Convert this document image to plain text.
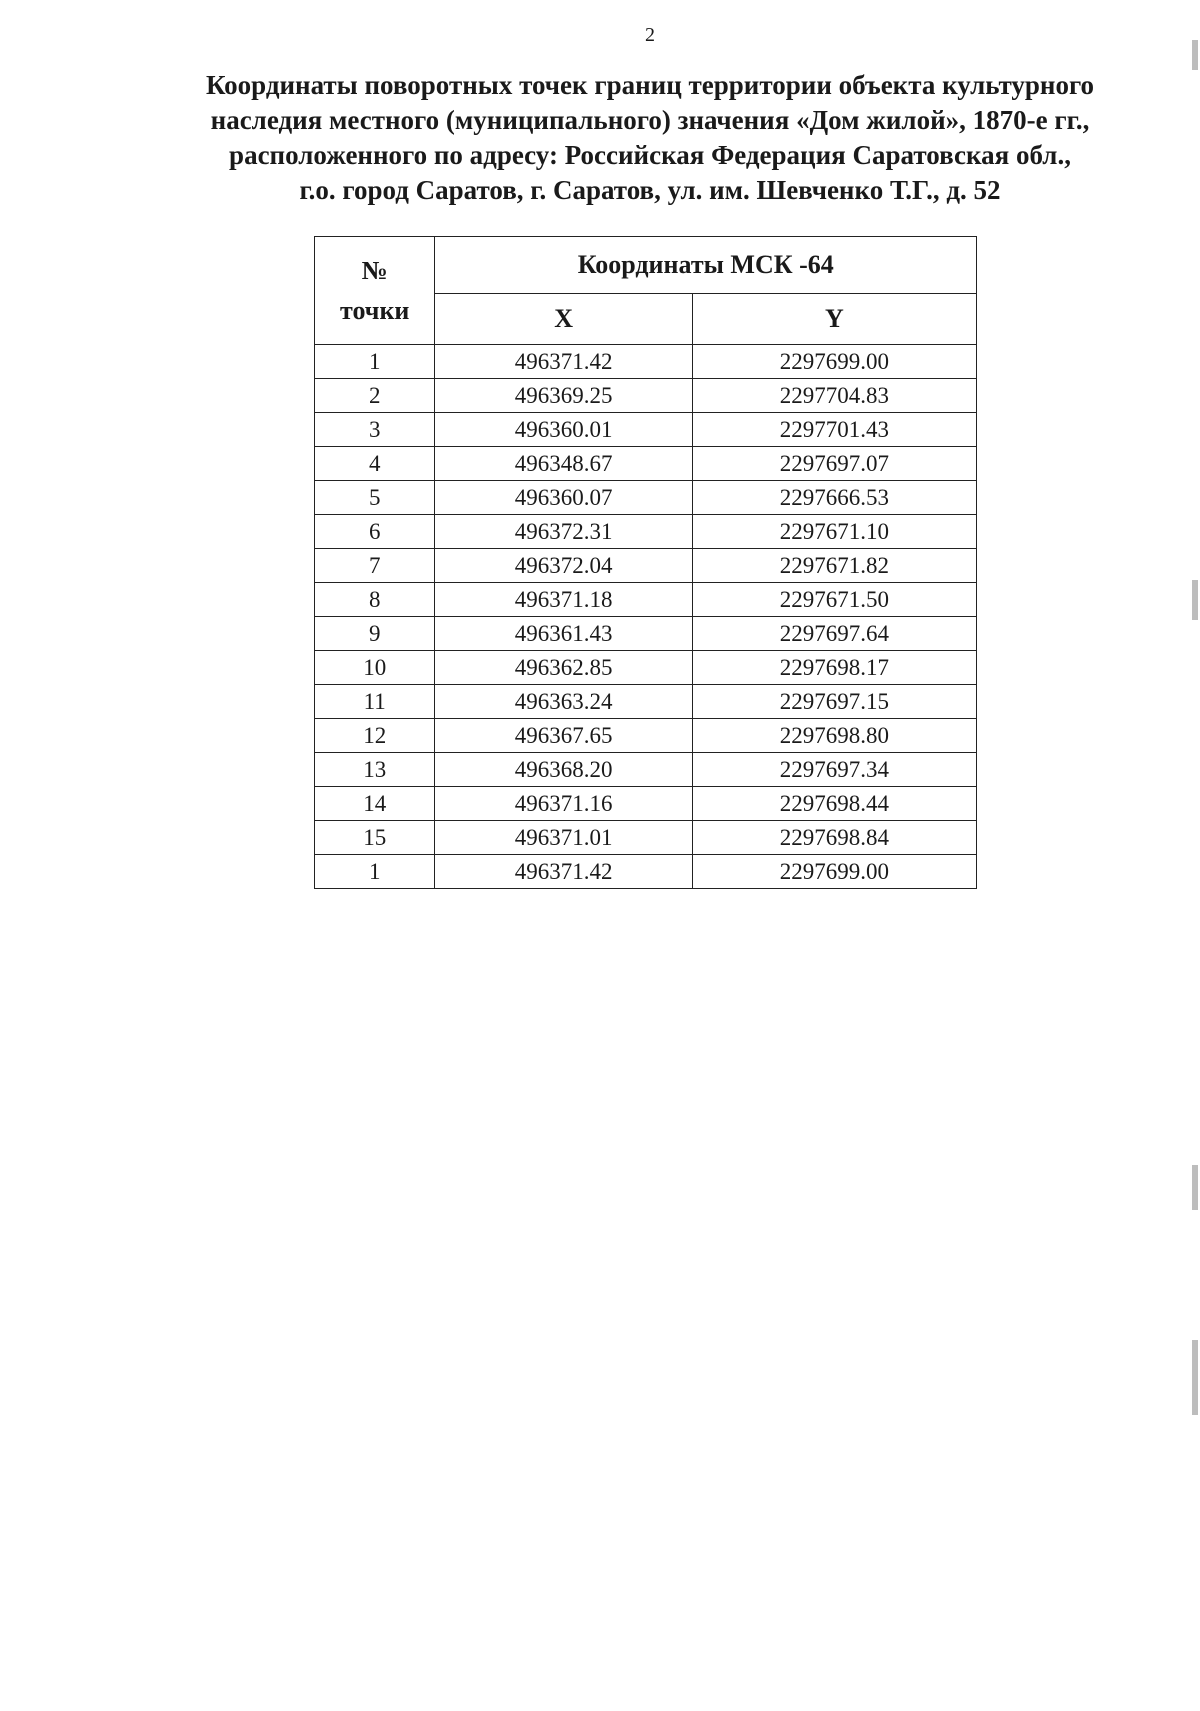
2
Координаты поворотных точек границ территории объекта культурного
наследия местного (муниципального) значения «Дом жилой», 1870-е гг.,
расположенного по адресу: Российская Федерация Саратовская обл.,
г.о. город Саратов, г. Саратов, ул. им. Шевченко Т.Г., д. 52
№
точки	Координаты МСК -64	
	X	Y
1	496371.42	2297699.00
2	496369.25	2297704.83
3	496360.01	2297701.43
4	496348.67	2297697.07
5	496360.07	2297666.53
6	496372.31	2297671.10
7	496372.04	2297671.82
8	496371.18	2297671.50
9	496361.43	2297697.64
10	496362.85	2297698.17
11	496363.24	2297697.15
12	496367.65	2297698.80
13	496368.20	2297697.34
14	496371.16	2297698.44
15	496371.01	2297698.84
1	496371.42	2297699.00
